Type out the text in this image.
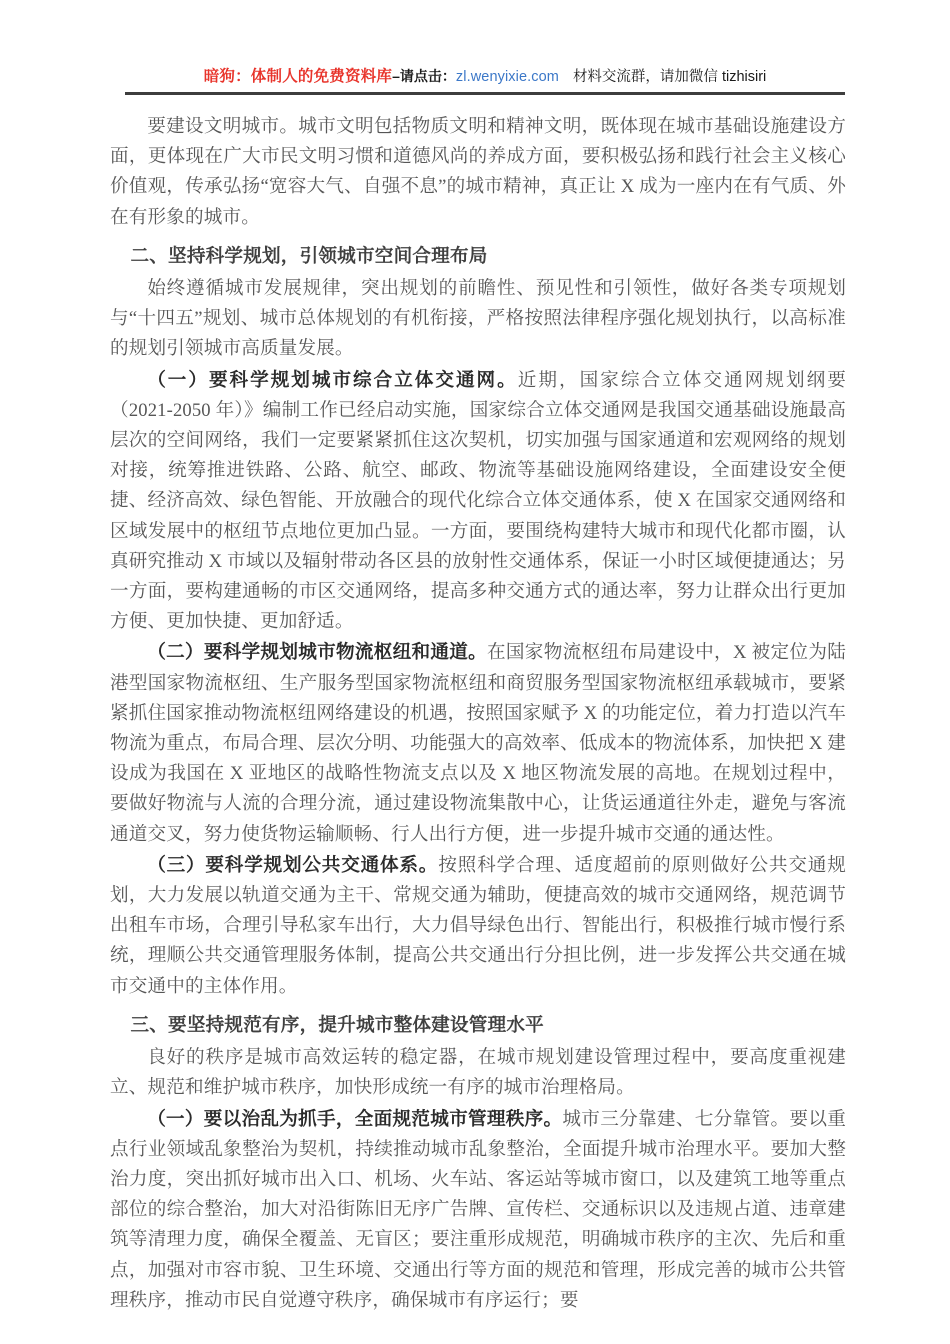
暗狗：体制人的免费资料库–请点击：zl.wenyixie.com 材料交流群，请加微信 tizhisiri

要建设文明城市。城市文明包括物质文明和精神文明，既体现在城市基础设施建设方面，更体现在广大市民文明习惯和道德风尚的养成方面，要积极弘扬和践行社会主义核心价值观，传承弘扬“宽容大气、自强不息”的城市精神，真正让 X 成为一座内在有气质、外在有形象的城市。

二、坚持科学规划，引领城市空间合理布局

始终遵循城市发展规律，突出规划的前瞻性、预见性和引领性，做好各类专项规划与“十四五”规划、城市总体规划的有机衔接，严格按照法律程序强化规划执行，以高标准的规划引领城市高质量发展。

（一）要科学规划城市综合立体交通网。近期，国家综合立体交通网规划纲要（2021-2050 年）》编制工作已经启动实施，国家综合立体交通网是我国交通基础设施最高层次的空间网络，我们一定要紧紧抓住这次契机，切实加强与国家通道和宏观网络的规划对接，统筹推进铁路、公路、航空、邮政、物流等基础设施网络建设，全面建设安全便捷、经济高效、绿色智能、开放融合的现代化综合立体交通体系，使 X 在国家交通网络和区域发展中的枢纽节点地位更加凸显。一方面，要围绕构建特大城市和现代化都市圈，认真研究推动 X 市域以及辐射带动各区县的放射性交通体系，保证一小时区域便捷通达；另一方面，要构建通畅的市区交通网络，提高多种交通方式的通达率，努力让群众出行更加方便、更加快捷、更加舒适。

（二）要科学规划城市物流枢纽和通道。在国家物流枢纽布局建设中，X 被定位为陆港型国家物流枢纽、生产服务型国家物流枢纽和商贸服务型国家物流枢纽承载城市，要紧紧抓住国家推动物流枢纽网络建设的机遇，按照国家赋予 X 的功能定位，着力打造以汽车物流为重点，布局合理、层次分明、功能强大的高效率、低成本的物流体系，加快把 X 建设成为我国在 X 亚地区的战略性物流支点以及 X 地区物流发展的高地。在规划过程中，要做好物流与人流的合理分流，通过建设物流集散中心，让货运通道往外走，避免与客流通道交叉，努力使货物运输顺畅、行人出行方便，进一步提升城市交通的通达性。

（三）要科学规划公共交通体系。按照科学合理、适度超前的原则做好公共交通规划，大力发展以轨道交通为主干、常规交通为辅助，便捷高效的城市交通网络，规范调节出租车市场，合理引导私家车出行，大力倡导绿色出行、智能出行，积极推行城市慢行系统，理顺公共交通管理服务体制，提高公共交通出行分担比例，进一步发挥公共交通在城市交通中的主体作用。

三、要坚持规范有序，提升城市整体建设管理水平

良好的秩序是城市高效运转的稳定器，在城市规划建设管理过程中，要高度重视建立、规范和维护城市秩序，加快形成统一有序的城市治理格局。

（一）要以治乱为抓手，全面规范城市管理秩序。城市三分靠建、七分靠管。要以重点行业领域乱象整治为契机，持续推动城市乱象整治，全面提升城市治理水平。要加大整治力度，突出抓好城市出入口、机场、火车站、客运站等城市窗口，以及建筑工地等重点部位的综合整治，加大对沿街陈旧无序广告牌、宣传栏、交通标识以及违规占道、违章建筑等清理力度，确保全覆盖、无盲区；要注重形成规范，明确城市秩序的主次、先后和重点，加强对市容市貌、卫生环境、交通出行等方面的规范和管理，形成完善的城市公共管理秩序，推动市民自觉遵守秩序，确保城市有序运行；要
